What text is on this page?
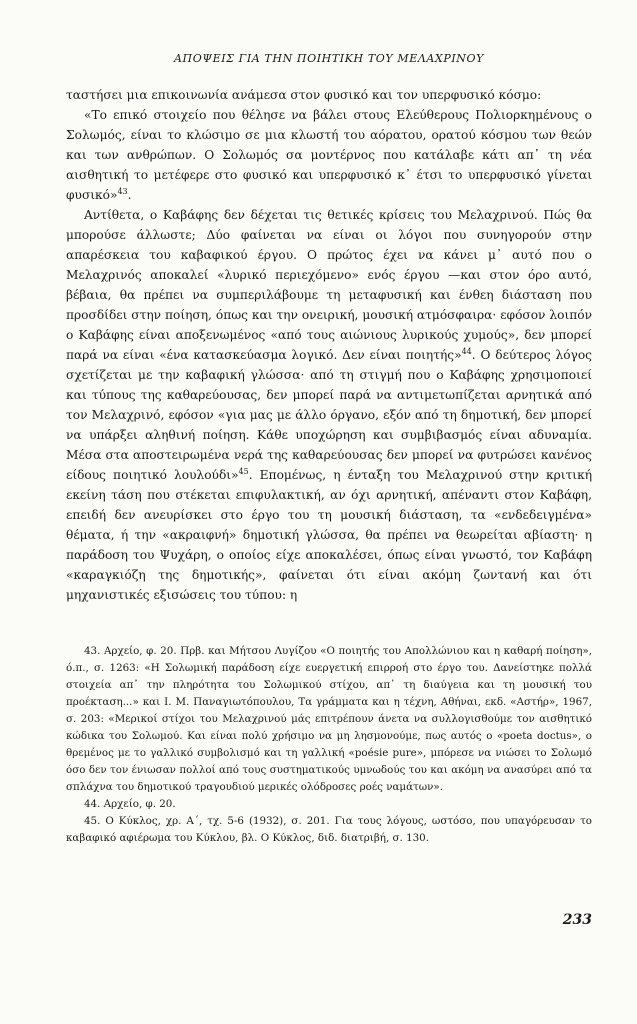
ΑΠΟΨΕΙΣ ΓΙΑ ΤΗΝ ΠΟΙΗΤΙΚΗ ΤΟΥ ΜΕΛΑΧΡΙΝΟΥ

ταστήσει μια επικοινωνία ανάμεσα στον φυσικό και τον υπερφυσικό κόσμο:

«Το επικό στοιχείο που θέλησε να βάλει στους Ελεύθερους Πολιορκημένους ο Σολωμός, είναι το κλώσιμο σε μια κλωστή του αόρατου, ορατού κόσμου των θεών και των ανθρώπων. Ο Σολωμός σα μοντέρνος που κατάλαβε κάτι απ᾽ τη νέα αισθητική το μετέφερε στο φυσικό και υπερφυσικό κ᾽ έτσι το υπερφυσικό γίνεται φυσικό»$^{43}$.

Αντίθετα, ο Καβάφης δεν δέχεται τις θετικές κρίσεις του Μελαχρινού. Πώς θα μπορούσε άλλωστε; Δύο φαίνεται να είναι οι λόγοι που συνηγορούν στην απαρέσκεια του καβαφικού έργου. Ο πρώτος έχει να κάνει μ᾽ αυτό που ο Μελαχρινός αποκαλεί «λυρικό περιεχόμενο» ενός έργου —και στον όρο αυτό, βέβαια, θα πρέπει να συμπεριλάβουμε τη μεταφυσική και ένθεη διάσταση που προσδίδει στην ποίηση, όπως και την ονειρική, μουσική ατμόσφαιρα· εφόσον λοιπόν ο Καβάφης είναι αποξενωμένος «από τους αιώνιους λυρικούς χυμούς», δεν μπορεί παρά να είναι «ένα κατασκεύασμα λογικό. Δεν είναι ποιητής»$^{44}$. Ο δεύτερος λόγος σχετίζεται με την καβαφική γλώσσα· από τη στιγμή που ο Καβάφης χρησιμοποιεί και τύπους της καθαρεύουσας, δεν μπορεί παρά να αντιμετωπίζεται αρνητικά από τον Μελαχρινό, εφόσον «για μας με άλλο όργανο, εξόν από τη δημοτική, δεν μπορεί να υπάρξει αληθινή ποίηση. Κάθε υποχώρηση και συμβιβασμός είναι αδυναμία. Μέσα στα αποστειρωμένα νερά της καθαρεύουσας δεν μπορεί να φυτρώσει κανένος είδους ποιητικό λουλούδι»$^{45}$. Επομένως, η ένταξη του Μελαχρινού στην κριτική εκείνη τάση που στέκεται επιφυλακτική, αν όχι αρνητική, απέναντι στον Καβάφη, επειδή δεν ανευρίσκει στο έργο του τη μουσική διάσταση, τα «ενδεδειγμένα» θέματα, ή την «ακραιφνή» δημοτική γλώσσα, θα πρέπει να θεωρείται αβίαστη· η παράδοση του Ψυχάρη, ο οποίος είχε αποκαλέσει, όπως είναι γνωστό, τον Καβάφη «καραγκιόζη της δημοτικής», φαίνεται ότι είναι ακόμη ζωντανή και ότι μηχανιστικές εξισώσεις του τύπου: η

43. Αρχείο, φ. 20. Πρβ. και Μήτσου Λυγίζου «Ο ποιητής του Απολλώνιου και η καθαρή ποίηση», ό.π., σ. 1263: «Η Σολωμική παράδοση είχε ευεργετική επιρροή στο έργο του. Δανείστηκε πολλά στοιχεία απ᾽ την πληρότητα του Σολωμικού στίχου, απ᾽ τη διαύγεια και τη μουσική του προέκταση...» και Ι. Μ. Παναγιωτόπουλου, Τα γράμματα και η τέχνη, Αθήναι, εκδ. «Αστήρ», 1967, σ. 203: «Μερικοί στίχοι του Μελαχρινού μάς επιτρέπουν άνετα να συλλογισθούμε τον αισθητικό κώδικα του Σολωμού. Και είναι πολύ χρήσιμο να μη λησμονούμε, πως αυτός ο «poeta doctus», ο θρεμένος με το γαλλικό συμβολισμό και τη γαλλική «poésie pure», μπόρεσε να νιώσει το Σολωμό όσο δεν τον ένιωσαν πολλοί από τους συστηματικούς υμνωδούς του και ακόμη να ανασύρει από τα σπλάχνα του δημοτικού τραγουδιού μερικές ολόδροσες ροές ναμάτων».

44. Αρχείο, φ. 20.

45. Ο Κύκλος, χρ. Α΄, τχ. 5-6 (1932), σ. 201. Για τους λόγους, ωστόσο, που υπαγόρευσαν το καβαφικό αφιέρωμα του Κύκλου, βλ. Ο Κύκλος, διδ. διατριβή, σ. 130.

233
